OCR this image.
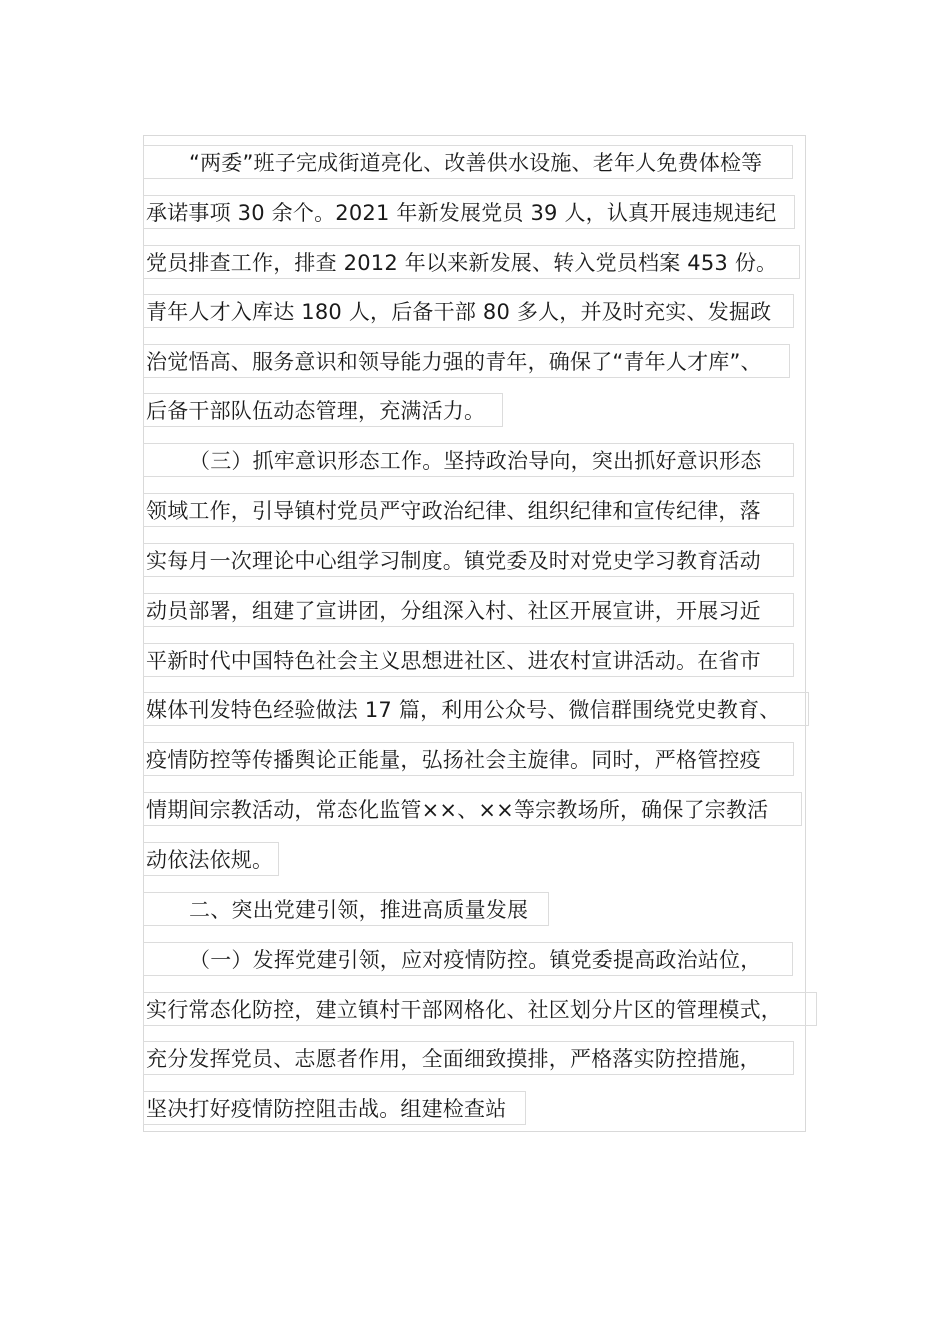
“两委”班子完成街道亮化、改善供水设施、老年人免费体检等
承诺事项 30 余个。2021 年新发展党员 39 人，认真开展违规违纪
党员排查工作，排查 2012 年以来新发展、转入党员档案 453 份。
青年人才入库达 180 人，后备干部 80 多人，并及时充实、发掘政
治觉悟高、服务意识和领导能力强的青年，确保了“青年人才库”、
后备干部队伍动态管理，充满活力。
（三）抓牢意识形态工作。坚持政治导向，突出抓好意识形态
领域工作，引导镇村党员严守政治纪律、组织纪律和宣传纪律，落
实每月一次理论中心组学习制度。镇党委及时对党史学习教育活动
动员部署，组建了宣讲团，分组深入村、社区开展宣讲，开展习近
平新时代中国特色社会主义思想进社区、进农村宣讲活动。在省市
媒体刊发特色经验做法 17 篇，利用公众号、微信群围绕党史教育、
疫情防控等传播舆论正能量，弘扬社会主旋律。同时，严格管控疫
情期间宗教活动，常态化监管××、××等宗教场所，确保了宗教活
动依法依规。
二、突出党建引领，推进高质量发展
（一）发挥党建引领，应对疫情防控。镇党委提高政治站位，
实行常态化防控，建立镇村干部网格化、社区划分片区的管理模式，
充分发挥党员、志愿者作用，全面细致摸排，严格落实防控措施，
坚决打好疫情防控阻击战。组建检查站
